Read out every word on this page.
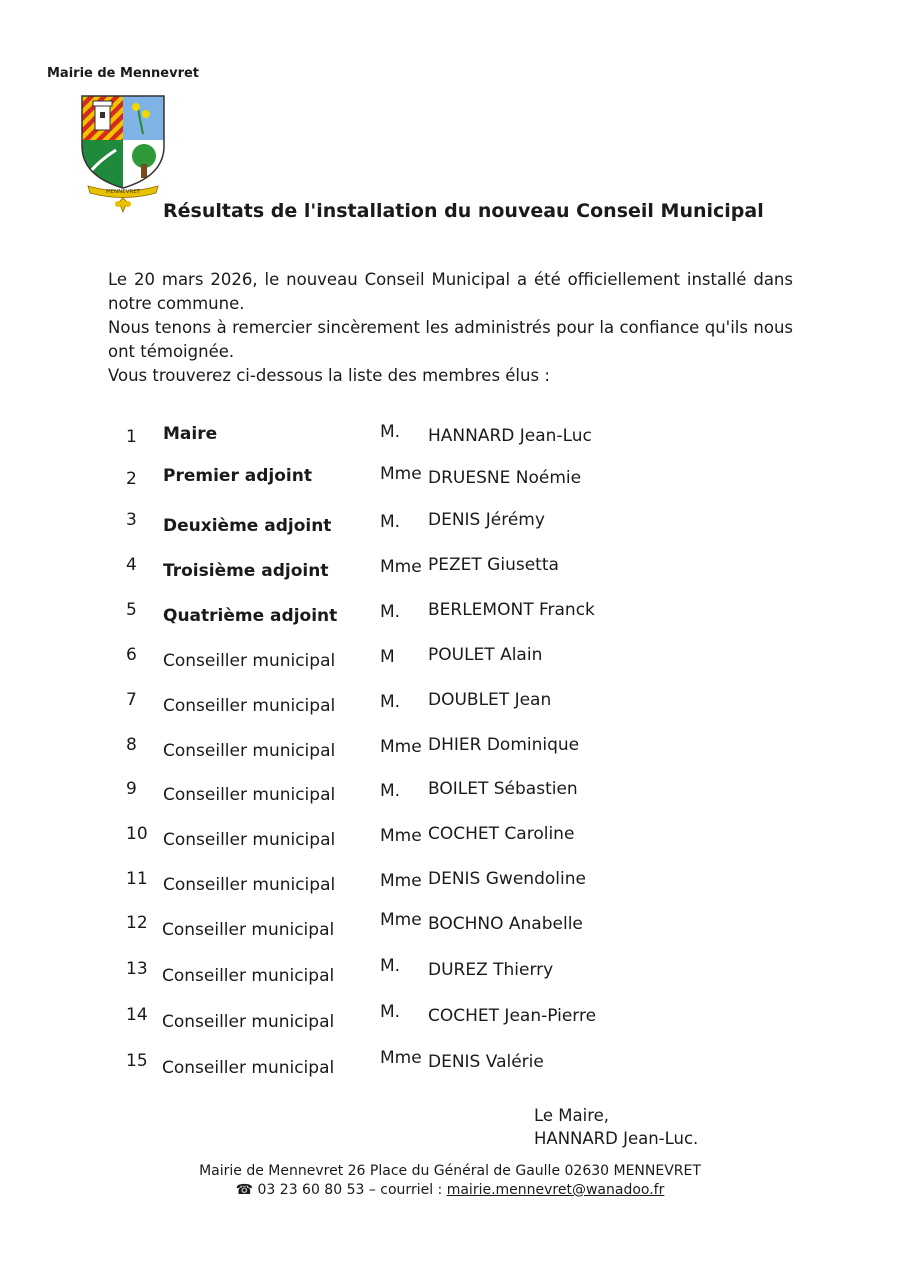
Mairie de Mennevret
MENNEVRET
Résultats de l'installation du nouveau Conseil Municipal

Le 20 mars 2026, le nouveau Conseil Municipal a été officiellement installé dans

notre commune.

Nous tenons à remercier sincèrement les administrés pour la confiance qu'ils nous

ont témoignée.

Vous trouverez ci-dessous la liste des membres élus :

1 Maire	M. HANNARD Jean-Luc
2 Premier adjoint	Mme DRUESNE Noémie
3 Deuxième adjoint	M. DENIS Jérémy
4 Troisième adjoint	Mme PEZET Giusetta
5 Quatrième adjoint	M. BERLEMONT Franck
6 Conseiller municipal	M POULET Alain
7 Conseiller municipal	M. DOUBLET Jean
8 Conseiller municipal	Mme DHIER Dominique
9 Conseiller municipal	M. BOILET Sébastien
10 Conseiller municipal	Mme COCHET Caroline
11 Conseiller municipal	Mme DENIS Gwendoline
12 Conseiller municipal	Mme BOCHNO Anabelle
13 Conseiller municipal	M. DUREZ Thierry
14 Conseiller municipal	M. COCHET Jean-Pierre
15 Conseiller municipal	Mme DENIS Valérie
Le Maire,
HANNARD Jean-Luc.
Mairie de Mennevret 26 Place du Général de Gaulle 02630 MENNEVRET
☎ 03 23 60 80 53 – courriel : mairie.mennevret@wanadoo.fr
